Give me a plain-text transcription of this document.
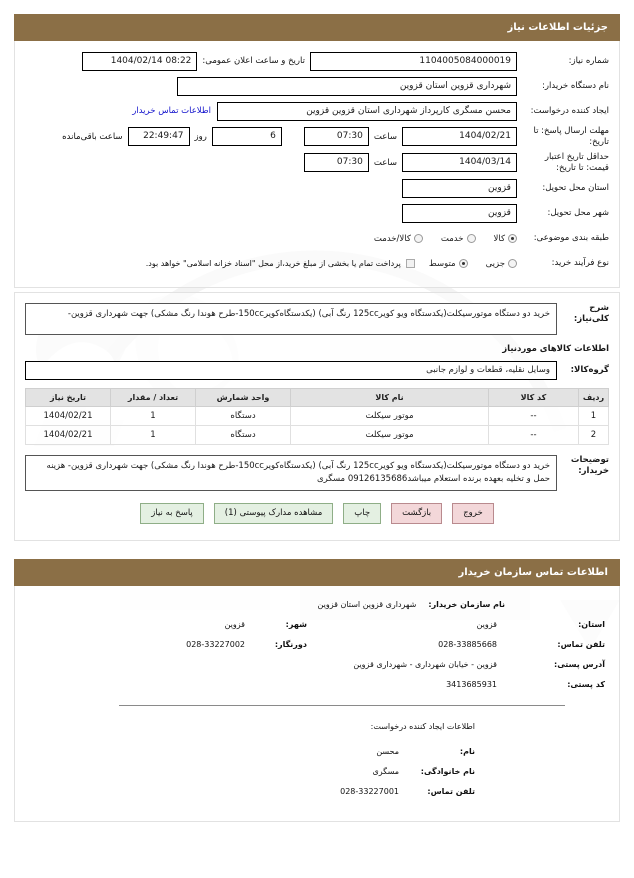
جزئیات اطلاعات نیاز
شماره نیاز:
1104005084000019
تاریخ و ساعت اعلان عمومی:
1404/02/14 08:22
نام دستگاه خریدار:
شهرداری قزوین استان قزوین
ایجاد کننده درخواست:
محسن مسگری کارپرداز شهرداری استان قزوین قزوین
اطلاعات تماس خریدار
مهلت ارسال پاسخ: تا تاریخ:
1404/02/21
ساعت
07:30
6
روز
22:49:47
ساعت باقی‌مانده
حداقل تاریخ اعتبار قیمت: تا تاریخ:
1404/03/14
ساعت
07:30
استان محل تحویل:
قزوین
شهر محل تحویل:
قزوین
طبقه بندی موضوعی:
کالا
خدمت
کالا/خدمت
نوع فرآیند خرید:
جزیی
متوسط
پرداخت تمام یا بخشی از مبلغ خرید،از محل "اسناد خزانه اسلامی" خواهد بود.
شرح کلی‌نیاز:
خرید دو دستگاه موتورسیکلت(یکدستگاه ویو کویر125cc رنگ آبی) (یکدستگاه‌کویر150cc-طرح هوندا رنگ مشکی) جهت شهرداری قزوین-
اطلاعات کالاهای موردنیاز
گروه‌کالا:
وسایل نقلیه، قطعات و لوازم جانبی
ردیف	کد کالا	نام کالا	واحد شمارش	تعداد / مقدار	تاریخ نیاز
1	--	موتور سیکلت	دستگاه	1	1404/02/21
2	--	موتور سیکلت	دستگاه	1	1404/02/21
توضیحات خریدار:
خرید دو دستگاه موتورسیکلت(یکدستگاه ویو کویر125cc رنگ آبی) (یکدستگاه‌کویر150cc-طرح هوندا رنگ مشکی) جهت شهرداری قزوین- هزینه حمل و تخلیه بعهده برنده استعلام میباشد09126135686 مسگری
خروج
بازگشت
چاپ
مشاهده مدارک پیوستی (1)
پاسخ به نیاز
اطلاعات تماس سازمان خریدار
نام سازمان خریدار:
شهرداری قزوین استان قزوین
استان:
قزوین
شهر:
قزوین
تلفن تماس:
028-33885668
دورنگار:
028-33227002
آدرس پستی:
قزوین - خیابان شهرداری - شهرداری قزوین
کد پستی:
3413685931
اطلاعات ایجاد کننده درخواست:
نام:
محسن
نام خانوادگی:
مسگری
تلفن تماس:
028-33227001
